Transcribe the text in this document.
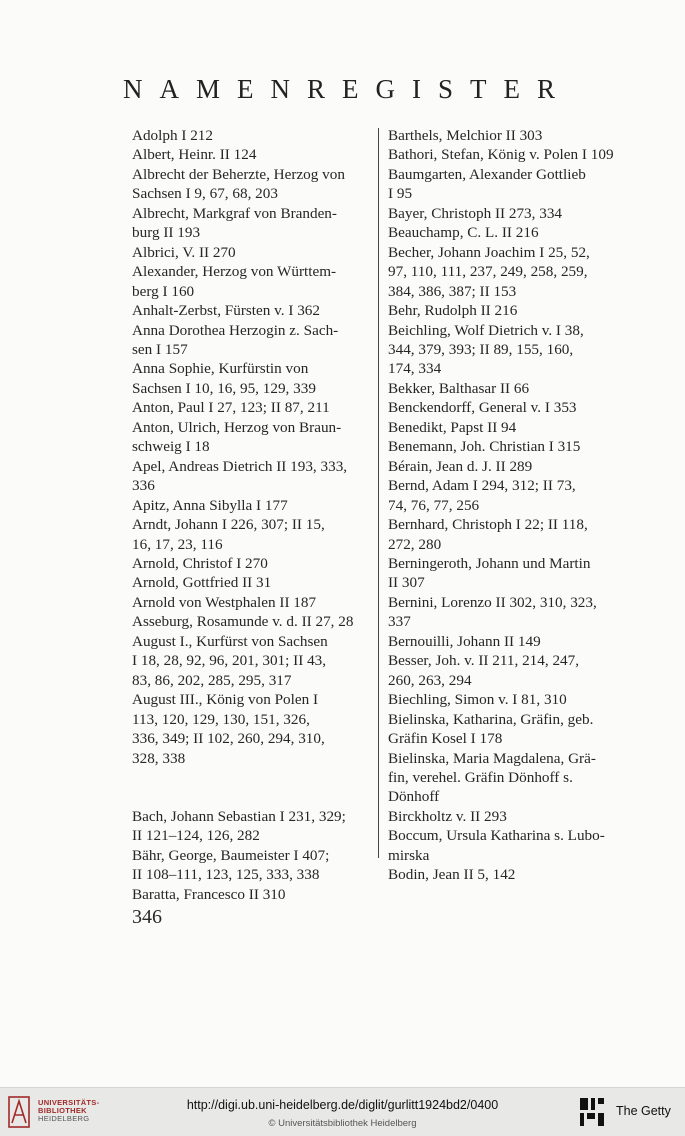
NAMENREGISTER
Adolph I 212
Albert, Heinr. II 124
Albrecht der Beherzte, Herzog von
Sachsen I 9, 67, 68, 203
Albrecht, Markgraf von Branden-
burg II 193
Albrici, V. II 270
Alexander, Herzog von Württem-
berg I 160
Anhalt-Zerbst, Fürsten v. I 362
Anna Dorothea Herzogin z. Sach-
sen I 157
Anna Sophie, Kurfürstin von
Sachsen I 10, 16, 95, 129, 339
Anton, Paul I 27, 123; II 87, 211
Anton, Ulrich, Herzog von Braun-
schweig I 18
Apel, Andreas Dietrich II 193, 333,
336
Apitz, Anna Sibylla I 177
Arndt, Johann I 226, 307; II 15,
16, 17, 23, 116
Arnold, Christof I 270
Arnold, Gottfried II 31
Arnold von Westphalen II 187
Asseburg, Rosamunde v. d. II 27, 28
August I., Kurfürst von Sachsen
I 18, 28, 92, 96, 201, 301; II 43,
83, 86, 202, 285, 295, 317
August III., König von Polen I
113, 120, 129, 130, 151, 326,
336, 349; II 102, 260, 294, 310,
328, 338
Bach, Johann Sebastian I 231, 329;
II 121–124, 126, 282
Bähr, George, Baumeister I 407;
II 108–111, 123, 125, 333, 338
Baratta, Francesco II 310
Barthels, Melchior II 303
Bathori, Stefan, König v. Polen I 109
Baumgarten, Alexander Gottlieb
I 95
Bayer, Christoph II 273, 334
Beauchamp, C. L. II 216
Becher, Johann Joachim I 25, 52,
97, 110, 111, 237, 249, 258, 259,
384, 386, 387; II 153
Behr, Rudolph II 216
Beichling, Wolf Dietrich v. I 38,
344, 379, 393; II 89, 155, 160,
174, 334
Bekker, Balthasar II 66
Benckendorff, General v. I 353
Benedikt, Papst II 94
Benemann, Joh. Christian I 315
Bérain, Jean d. J. II 289
Bernd, Adam I 294, 312; II 73,
74, 76, 77, 256
Bernhard, Christoph I 22; II 118,
272, 280
Berningeroth, Johann und Martin
II 307
Bernini, Lorenzo II 302, 310, 323,
337
Bernouilli, Johann II 149
Besser, Joh. v. II 211, 214, 247,
260, 263, 294
Biechling, Simon v. I 81, 310
Bielinska, Katharina, Gräfin, geb.
Gräfin Kosel I 178
Bielinska, Maria Magdalena, Grä-
fin, verehel. Gräfin Dönhoff s.
Dönhoff
Birckholtz v. II 293
Boccum, Ursula Katharina s. Lubo-
mirska
Bodin, Jean II 5, 142
346
UNIVERSITÄTS-
BIBLIOTHEK
HEIDELBERG
http://digi.ub.uni-heidelberg.de/diglit/gurlitt1924bd2/0400
© Universitätsbibliothek Heidelberg
The Getty
